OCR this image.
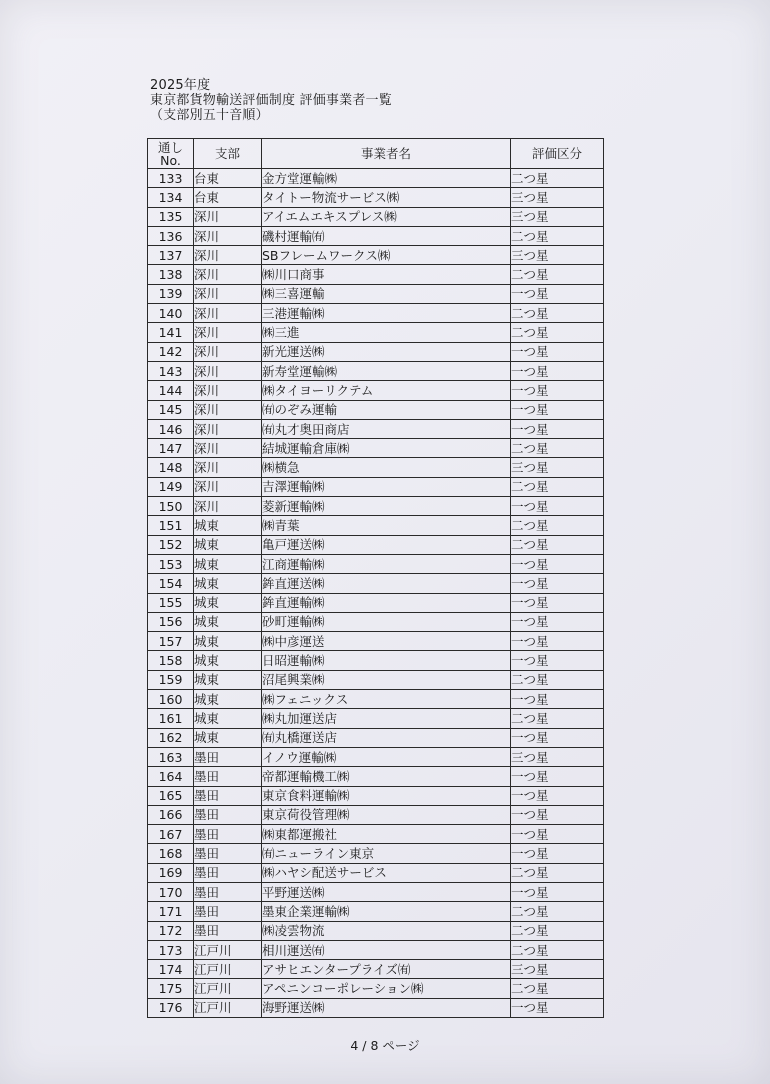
2025年度
東京都貨物輸送評価制度 評価事業者一覧
（支部別五十音順）
通し
No.	支部	事業者名	評価区分
133	台東	金方堂運輸㈱	二つ星
134	台東	タイトー物流サービス㈱	三つ星
135	深川	アイエムエキスプレス㈱	三つ星
136	深川	磯村運輸㈲	二つ星
137	深川	SBフレームワークス㈱	三つ星
138	深川	㈱川口商事	二つ星
139	深川	㈱三喜運輸	一つ星
140	深川	三港運輸㈱	二つ星
141	深川	㈱三進	二つ星
142	深川	新光運送㈱	一つ星
143	深川	新寿堂運輸㈱	一つ星
144	深川	㈱タイヨーリクテム	一つ星
145	深川	㈲のぞみ運輸	一つ星
146	深川	㈲丸才奥田商店	一つ星
147	深川	結城運輸倉庫㈱	二つ星
148	深川	㈱横急	三つ星
149	深川	吉澤運輸㈱	二つ星
150	深川	菱新運輸㈱	一つ星
151	城東	㈱青葉	二つ星
152	城東	亀戸運送㈱	二つ星
153	城東	江商運輸㈱	一つ星
154	城東	鉾直運送㈱	一つ星
155	城東	鉾直運輸㈱	一つ星
156	城東	砂町運輸㈱	一つ星
157	城東	㈱中彦運送	一つ星
158	城東	日昭運輸㈱	一つ星
159	城東	沼尾興業㈱	二つ星
160	城東	㈱フェニックス	一つ星
161	城東	㈱丸加運送店	二つ星
162	城東	㈲丸橋運送店	一つ星
163	墨田	イノウ運輸㈱	三つ星
164	墨田	帝都運輸機工㈱	一つ星
165	墨田	東京食料運輸㈱	一つ星
166	墨田	東京荷役管理㈱	一つ星
167	墨田	㈱東都運搬社	一つ星
168	墨田	㈲ニューライン東京	一つ星
169	墨田	㈱ハヤシ配送サービス	二つ星
170	墨田	平野運送㈱	一つ星
171	墨田	墨東企業運輸㈱	二つ星
172	墨田	㈱凌雲物流	二つ星
173	江戸川	相川運送㈲	二つ星
174	江戸川	アサヒエンタープライズ㈲	三つ星
175	江戸川	アペニンコーポレーション㈱	二つ星
176	江戸川	海野運送㈱	一つ星
4 / 8 ページ
